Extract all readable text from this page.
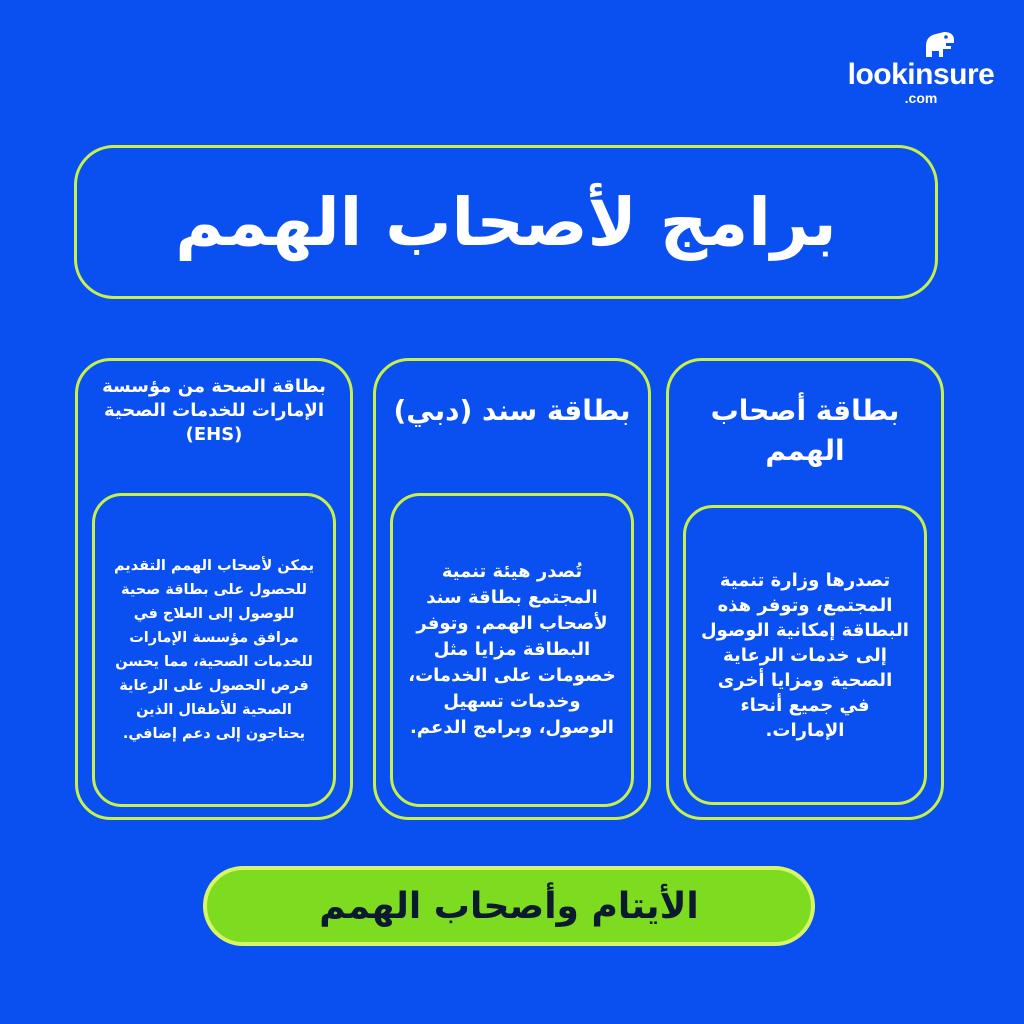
lookinsure
.com
برامج لأصحاب الهمم
بطاقة أصحاب الهمم
تصدرها وزارة تنمية المجتمع، وتوفر هذه البطاقة إمكانية الوصول إلى خدمات الرعاية الصحية ومزايا أخرى في جميع أنحاء الإمارات.
بطاقة سند (دبي)
تُصدر هيئة تنمية المجتمع بطاقة سند لأصحاب الهمم. وتوفر البطاقة مزايا مثل خصومات على الخدمات، وخدمات تسهيل الوصول، وبرامج الدعم.
بطاقة الصحة من مؤسسة الإمارات للخدمات الصحية (EHS)
يمكن لأصحاب الهمم التقديم للحصول على بطاقة صحية للوصول إلى العلاج في مرافق مؤسسة الإمارات للخدمات الصحية، مما يحسن فرص الحصول على الرعاية الصحية للأطفال الذين يحتاجون إلى دعم إضافي.
الأيتام وأصحاب الهمم
